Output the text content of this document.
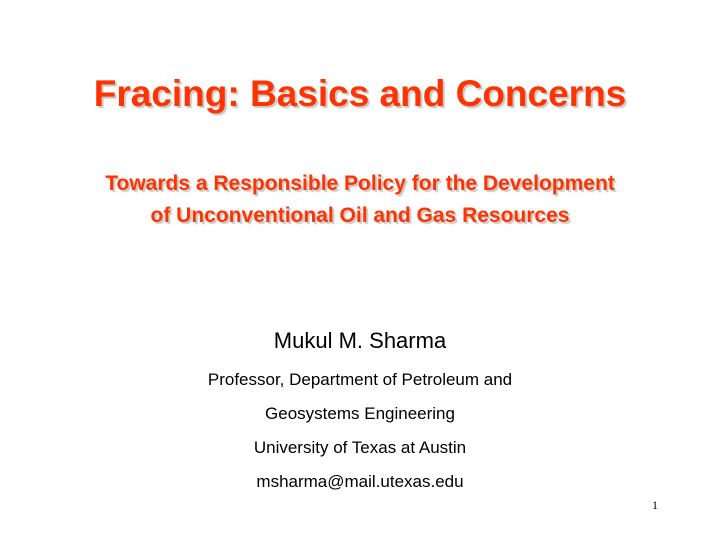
Fracing: Basics and Concerns
Towards a Responsible Policy for the Development
of Unconventional Oil and Gas Resources
Mukul M. Sharma
Professor, Department of Petroleum and
Geosystems Engineering
University of Texas at Austin
msharma@mail.utexas.edu
1
